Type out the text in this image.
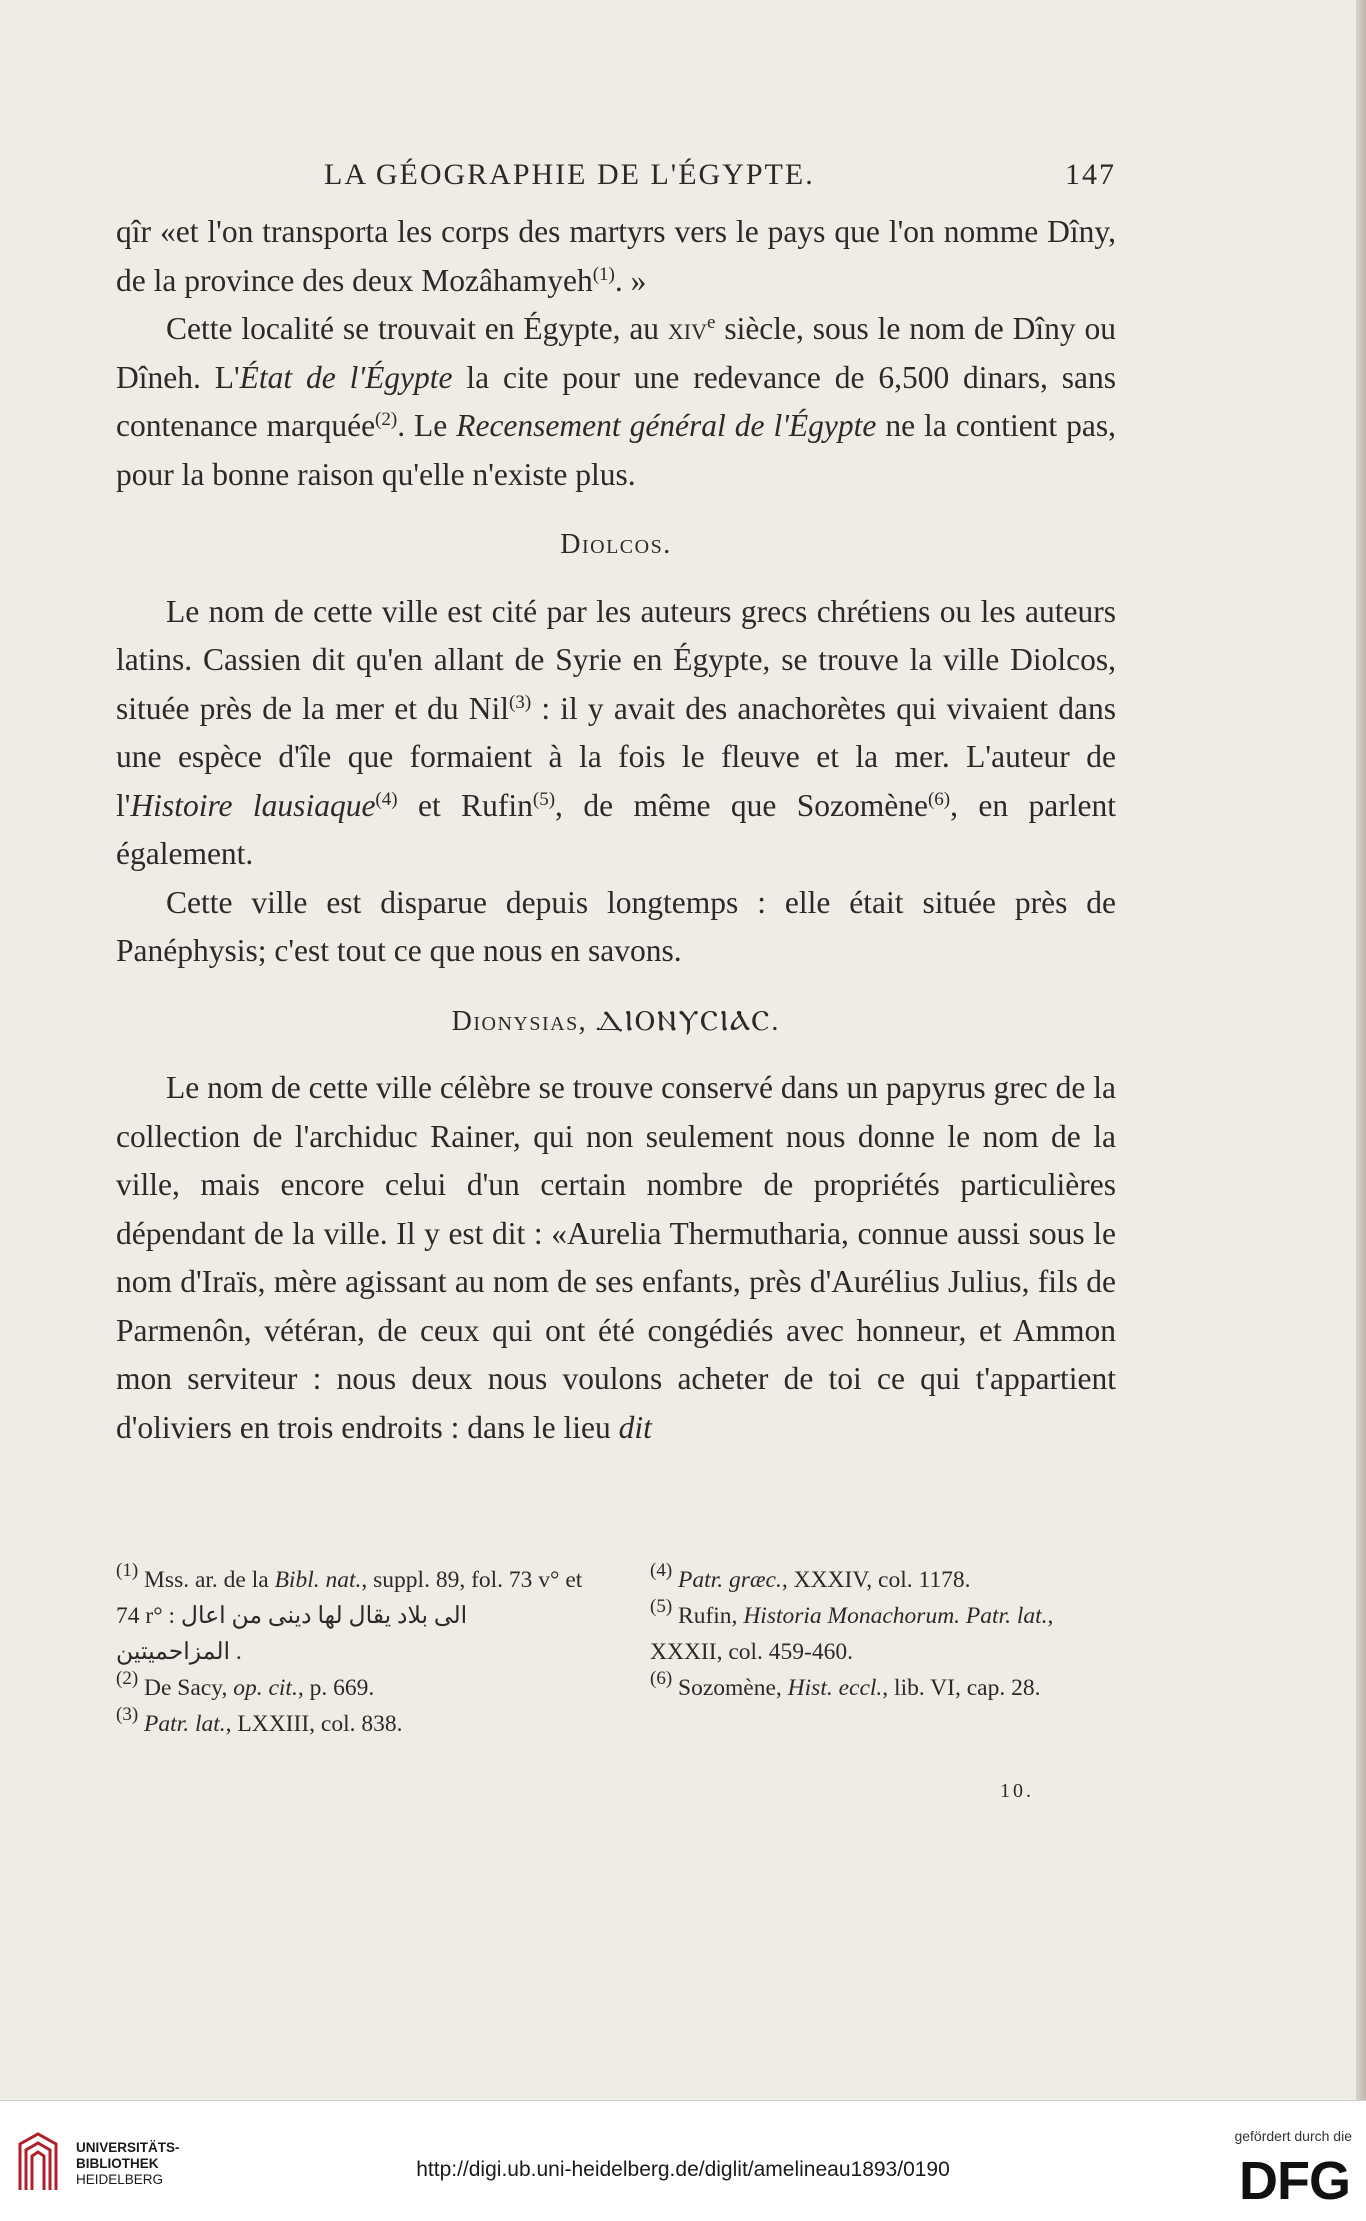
LA GÉOGRAPHIE DE L'ÉGYPTE.	147

qîr «et l'on transporta les corps des martyrs vers le pays que l'on nomme Dîny, de la province des deux Mozâhamyeh$^{(1)}$. »

Cette localité se trouvait en Égypte, au xiv$^e$ siècle, sous le nom de Dîny ou Dîneh. L'État de l'Égypte la cite pour une redevance de 6,500 dinars, sans contenance marquée$^{(2)}$. Le Recensement général de l'Égypte ne la contient pas, pour la bonne raison qu'elle n'existe plus.

Diolcos.

Le nom de cette ville est cité par les auteurs grecs chrétiens ou les auteurs latins. Cassien dit qu'en allant de Syrie en Égypte, se trouve la ville Diolcos, située près de la mer et du Nil$^{(3)}$ : il y avait des anachorètes qui vivaient dans une espèce d'île que formaient à la fois le fleuve et la mer. L'auteur de l'Histoire lausiaque$^{(4)}$ et Rufin$^{(5)}$, de même que Sozomène$^{(6)}$, en parlent également.

Cette ville est disparue depuis longtemps : elle était située près de Panéphysis; c'est tout ce que nous en savons.

Dionysias, ⲆⲒⲞⲚⲨⲤⲒⲀⲤ.

Le nom de cette ville célèbre se trouve conservé dans un papyrus grec de la collection de l'archiduc Rainer, qui non seulement nous donne le nom de la ville, mais encore celui d'un certain nombre de propriétés particulières dépendant de la ville. Il y est dit : «Aurelia Thermutharia, connue aussi sous le nom d'Iraïs, mère agissant au nom de ses enfants, près d'Aurélius Julius, fils de Parmenôn, vétéran, de ceux qui ont été congédiés avec honneur, et Ammon mon serviteur : nous deux nous voulons acheter de toi ce qui t'appartient d'oliviers en trois endroits : dans le lieu dit

$^{(1)}$ Mss. ar. de la Bibl. nat., suppl. 89, fol. 73 v° et 74 r° : الى بلاد يقال لها دينى من اعال المزاحميتين .

$^{(2)}$ De Sacy, op. cit., p. 669.

$^{(3)}$ Patr. lat., LXXIII, col. 838.

$^{(4)}$ Patr. græc., XXXIV, col. 1178.

$^{(5)}$ Rufin, Historia Monachorum. Patr. lat., XXXII, col. 459-460.

$^{(6)}$ Sozomène, Hist. eccl., lib. VI, cap. 28.

10.
UNIVERSITÄTS-
BIBLIOTHEK
HEIDELBERG	http://digi.ub.uni-heidelberg.de/diglit/amelineau1893/0190
gefördert durch die
DFG
